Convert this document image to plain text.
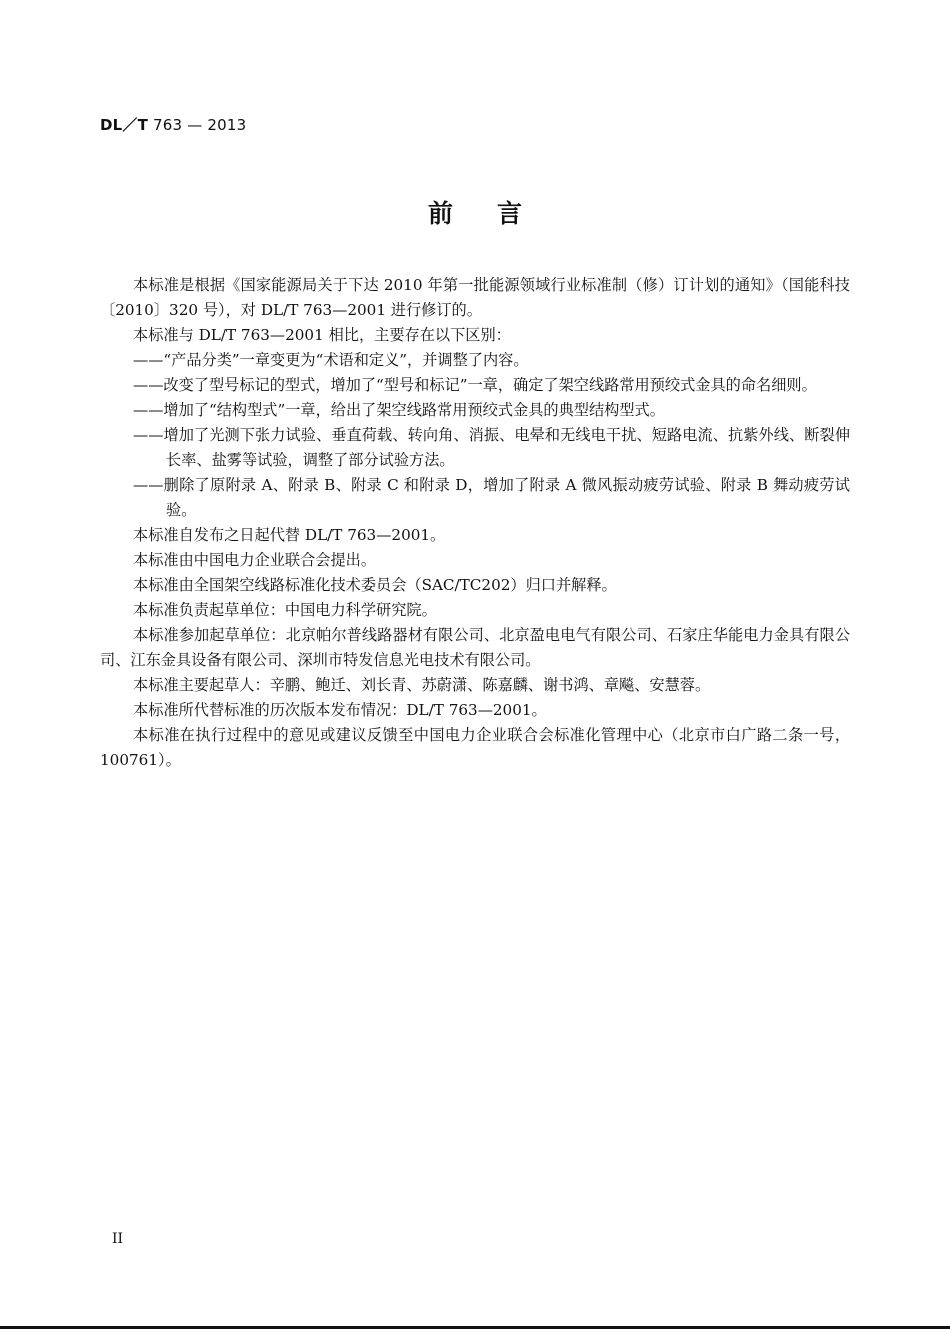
DL／T 763 — 2013
前言

本标准是根据《国家能源局关于下达 2010 年第一批能源领域行业标准制（修）订计划的通知》（国能科技〔2010〕320 号），对 DL/T 763—2001 进行修订的。

本标准与 DL/T 763—2001 相比，主要存在以下区别：

——“产品分类”一章变更为“术语和定义”，并调整了内容。

——改变了型号标记的型式，增加了“型号和标记”一章，确定了架空线路常用预绞式金具的命名细则。

——增加了“结构型式”一章，给出了架空线路常用预绞式金具的典型结构型式。

——增加了光测下张力试验、垂直荷载、转向角、消振、电晕和无线电干扰、短路电流、抗紫外线、断裂伸长率、盐雾等试验，调整了部分试验方法。

——删除了原附录 A、附录 B、附录 C 和附录 D，增加了附录 A 微风振动疲劳试验、附录 B 舞动疲劳试验。

本标准自发布之日起代替 DL/T 763—2001。

本标准由中国电力企业联合会提出。

本标准由全国架空线路标准化技术委员会（SAC/TC202）归口并解释。

本标准负责起草单位：中国电力科学研究院。

本标准参加起草单位：北京帕尔普线路器材有限公司、北京盈电电气有限公司、石家庄华能电力金具有限公司、江东金具设备有限公司、深圳市特发信息光电技术有限公司。

本标准主要起草人：辛鹏、鲍迁、刘长青、苏蔚潇、陈嘉麟、谢书鸿、章飚、安慧蓉。

本标准所代替标准的历次版本发布情况：DL/T 763—2001。

本标准在执行过程中的意见或建议反馈至中国电力企业联合会标准化管理中心（北京市白广路二条一号，100761）。

II
